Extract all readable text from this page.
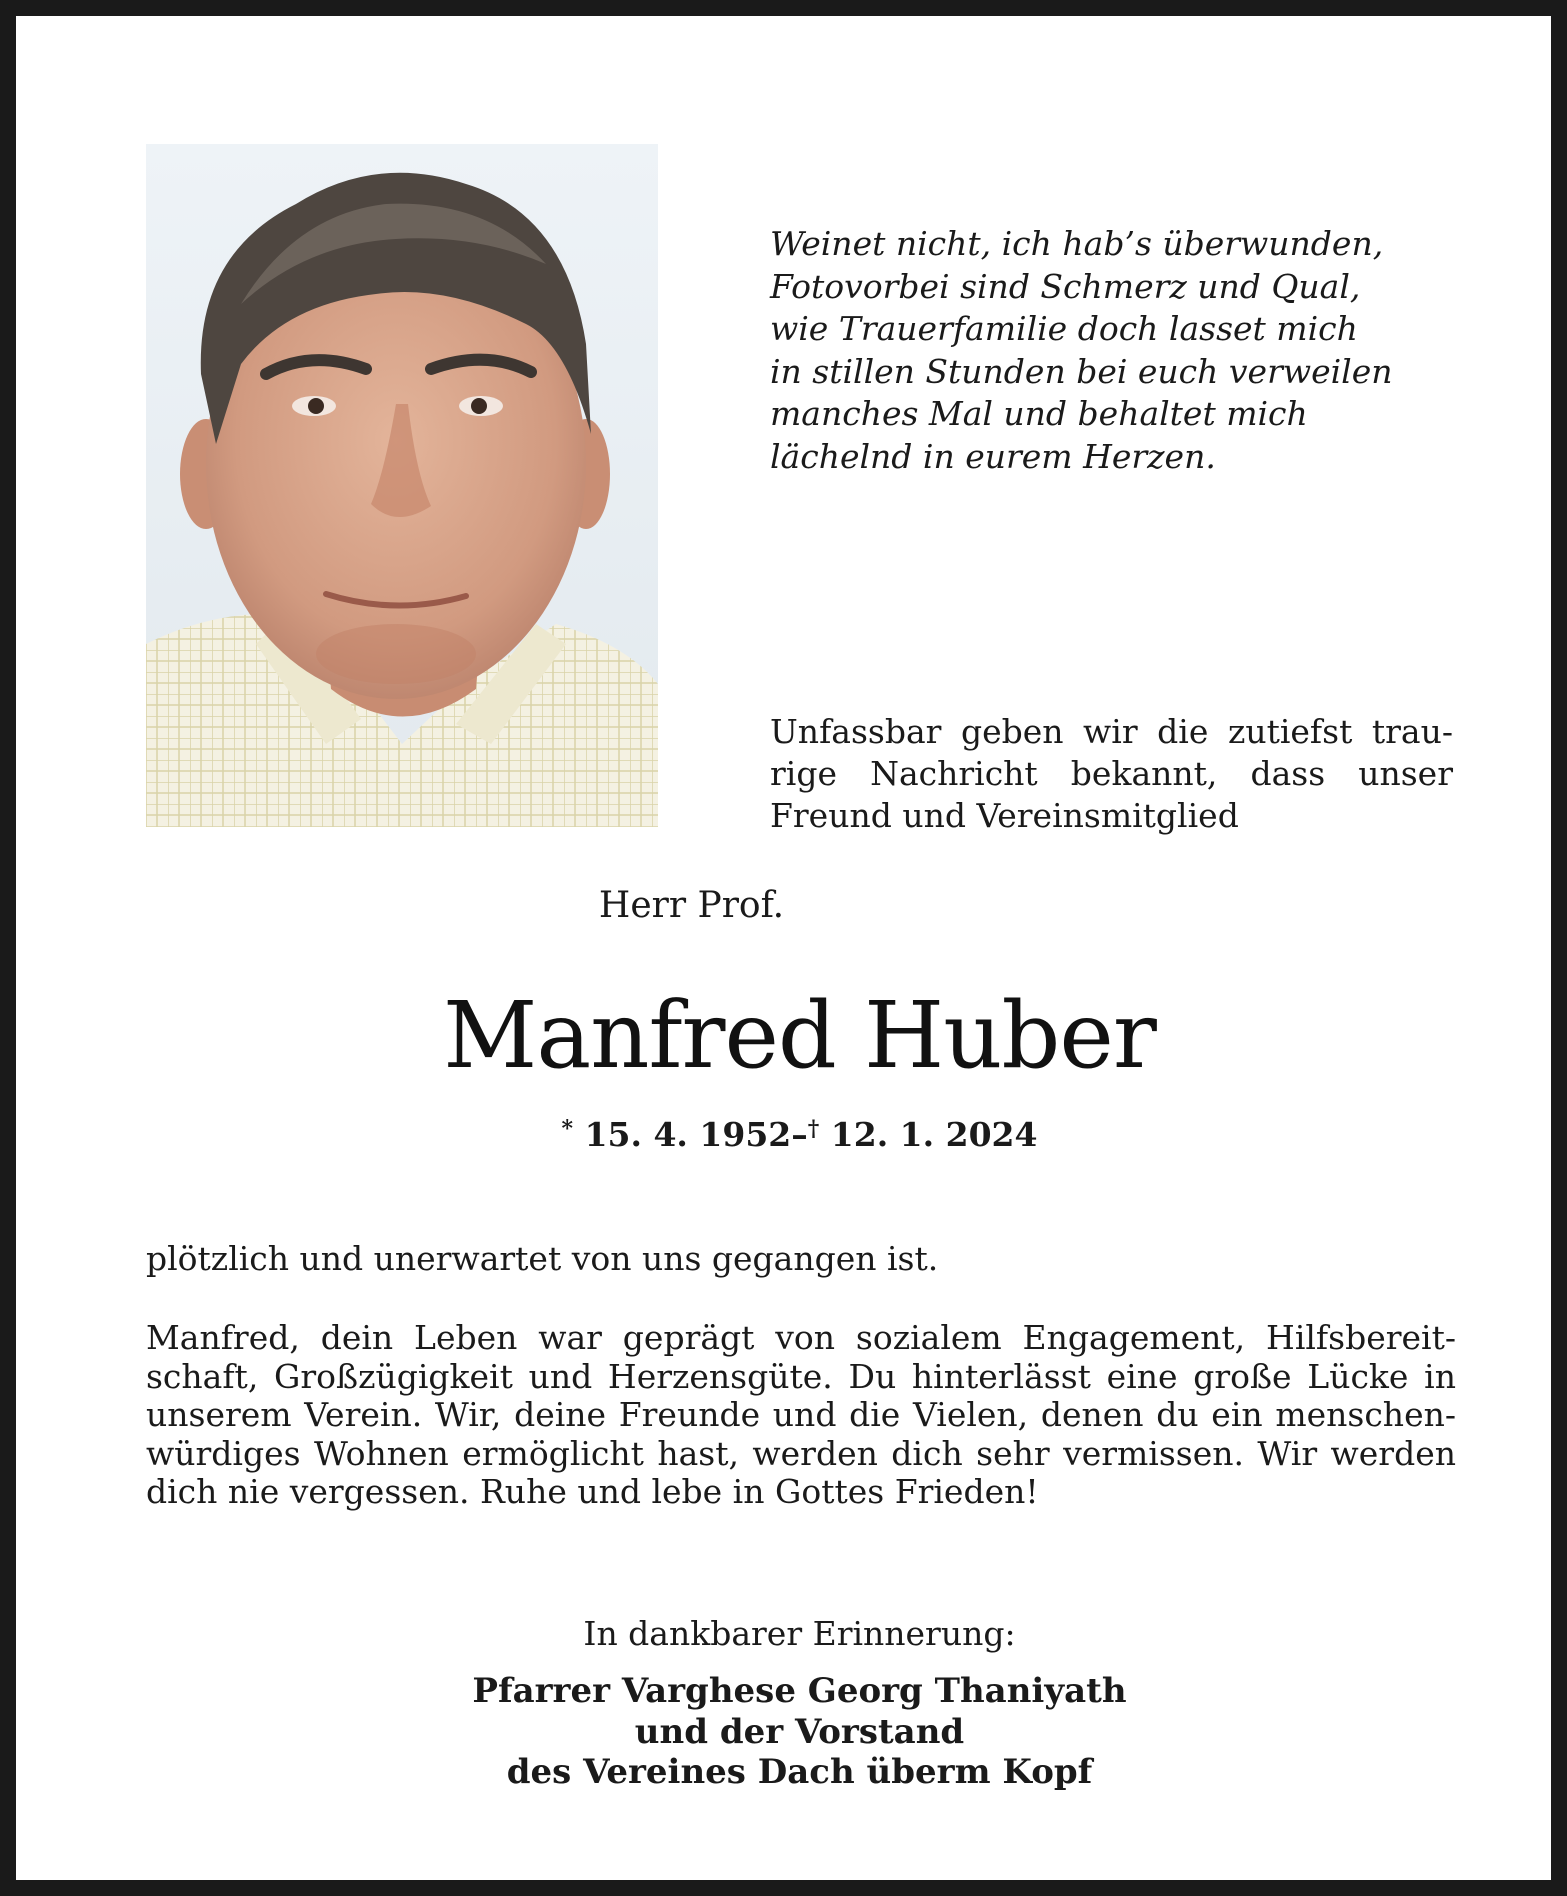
Weinet nicht, ich hab’s überwunden,
Fotovorbei sind Schmerz und Qual,
wie Trauerfamilie doch lasset mich
in stillen Stunden bei euch verweilen
manches Mal und behaltet mich
lächelnd in eurem Herzen.
Unfassbar geben wir die zutiefst trau-
rige Nachricht bekannt, dass unser
Freund und Vereinsmitglied
Herr Prof.
Manfred Huber
* 15. 4. 1952–† 12. 1. 2024
plötzlich und unerwartet von uns gegangen ist.
Manfred, dein Leben war geprägt von sozialem Engagement, Hilfsbereit-
schaft, Großzügigkeit und Herzensgüte. Du hinterlässt eine große Lücke in
unserem Verein. Wir, deine Freunde und die Vielen, denen du ein menschen-
würdiges Wohnen ermöglicht hast, werden dich sehr vermissen. Wir werden
dich nie vergessen. Ruhe und lebe in Gottes Frieden!
In dankbarer Erinnerung:
Pfarrer Varghese Georg Thaniyath
und der Vorstand
des Vereines Dach überm Kopf
